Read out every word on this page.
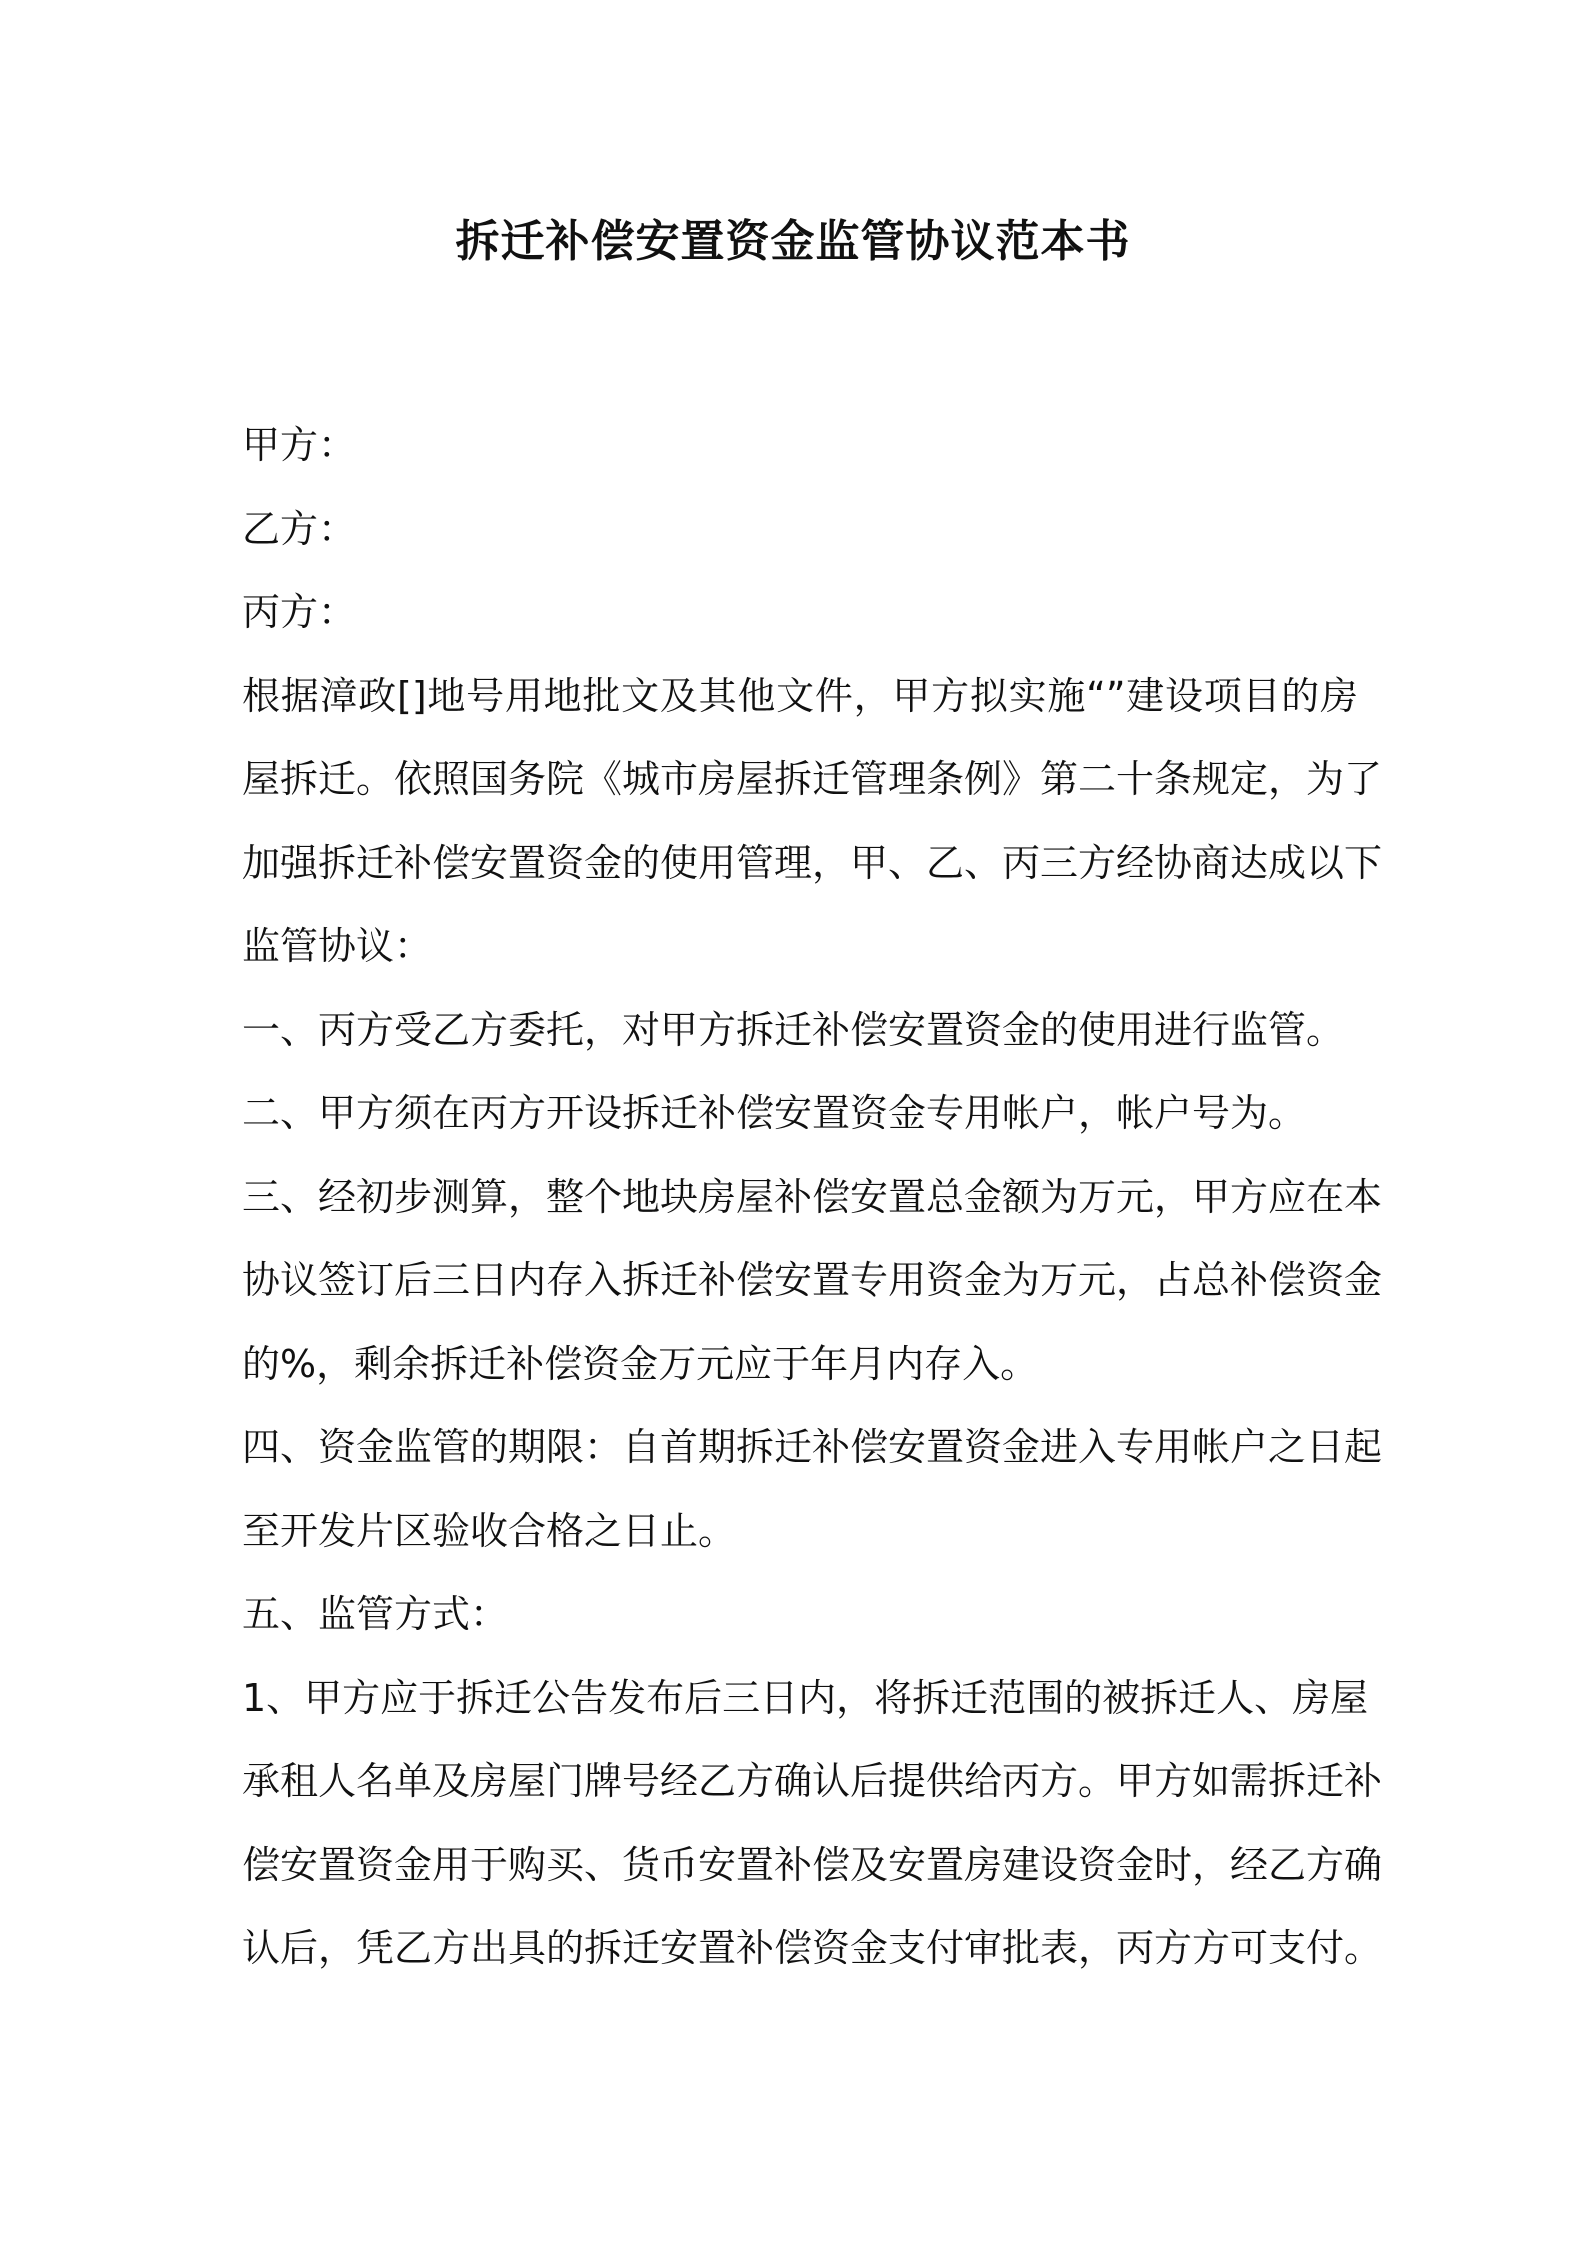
拆迁补偿安置资金监管协议范本书
甲方：
乙方：
丙方：
根据漳政[]地号用地批文及其他文件，甲方拟实施“”建设项目的房
屋拆迁。依照国务院《城市房屋拆迁管理条例》第二十条规定，为了
加强拆迁补偿安置资金的使用管理，甲、乙、丙三方经协商达成以下
监管协议：
一、丙方受乙方委托，对甲方拆迁补偿安置资金的使用进行监管。
二、甲方须在丙方开设拆迁补偿安置资金专用帐户，帐户号为。
三、经初步测算，整个地块房屋补偿安置总金额为万元，甲方应在本
协议签订后三日内存入拆迁补偿安置专用资金为万元，占总补偿资金
的%，剩余拆迁补偿资金万元应于年月内存入。
四、资金监管的期限：自首期拆迁补偿安置资金进入专用帐户之日起
至开发片区验收合格之日止。
五、监管方式：
1、甲方应于拆迁公告发布后三日内，将拆迁范围的被拆迁人、房屋
承租人名单及房屋门牌号经乙方确认后提供给丙方。甲方如需拆迁补
偿安置资金用于购买、货币安置补偿及安置房建设资金时，经乙方确
认后，凭乙方出具的拆迁安置补偿资金支付审批表，丙方方可支付。
